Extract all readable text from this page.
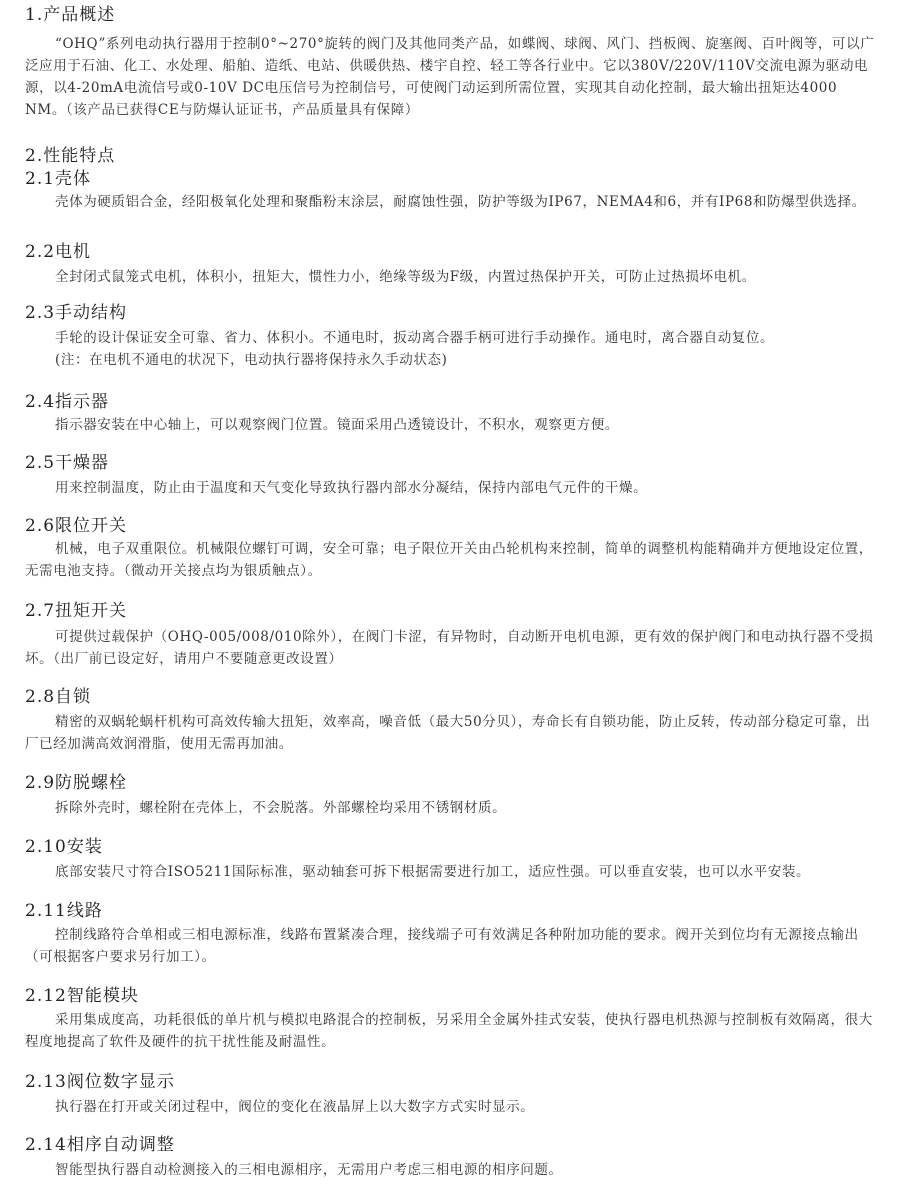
1.产品概述
“OHQ”系列电动执行器用于控制0°~270°旋转的阀门及其他同类产品，如蝶阀、球阀、风门、挡板阀、旋塞阀、百叶阀等，可以广泛应用于石油、化工、水处理、船舶、造纸、电站、供暖供热、楼宇自控、轻工等各行业中。它以380V/220V/110V交流电源为驱动电源，以4-20mA电流信号或0-10V DC电压信号为控制信号，可使阀门动运到所需位置，实现其自动化控制，最大输出扭矩达4000 NM。（该产品已获得CE与防爆认证证书，产品质量具有保障）
2.性能特点
2.1壳体
壳体为硬质铝合金，经阳极氧化处理和聚酯粉末涂层，耐腐蚀性强，防护等级为IP67，NEMA4和6，并有IP68和防爆型供选择。
2.2电机
全封闭式鼠笼式电机，体积小，扭矩大，惯性力小，绝缘等级为F级，内置过热保护开关，可防止过热损坏电机。
2.3手动结构
手轮的设计保证安全可靠、省力、体积小。不通电时，扳动离合器手柄可进行手动操作。通电时，离合器自动复位。
(注：在电机不通电的状况下，电动执行器将保持永久手动状态)
2.4指示器
指示器安装在中心轴上，可以观察阀门位置。镜面采用凸透镜设计，不积水，观察更方便。
2.5干燥器
用来控制温度，防止由于温度和天气变化导致执行器内部水分凝结，保持内部电气元件的干燥。
2.6限位开关
机械，电子双重限位。机械限位螺钉可调，安全可靠；电子限位开关由凸轮机构来控制，简单的调整机构能精确并方便地设定位置，无需电池支持。（微动开关接点均为银质触点）。
2.7扭矩开关
可提供过载保护（OHQ-005/008/010除外），在阀门卡涩，有异物时，自动断开电机电源，更有效的保护阀门和电动执行器不受损坏。（出厂前已设定好，请用户不要随意更改设置）
2.8自锁
精密的双蜗轮蜗杆机构可高效传输大扭矩，效率高，噪音低（最大50分贝），寿命长有自锁功能，防止反转，传动部分稳定可靠，出厂已经加满高效润滑脂，使用无需再加油。
2.9防脱螺栓
拆除外壳时，螺栓附在壳体上，不会脱落。外部螺栓均采用不锈钢材质。
2.10安装
底部安装尺寸符合ISO5211国际标准，驱动轴套可拆下根据需要进行加工，适应性强。可以垂直安装，也可以水平安装。
2.11线路
控制线路符合单相或三相电源标准，线路布置紧凑合理，接线端子可有效满足各种附加功能的要求。阀开关到位均有无源接点输出（可根据客户要求另行加工）。
2.12智能模块
采用集成度高，功耗很低的单片机与模拟电路混合的控制板，另采用全金属外挂式安装，使执行器电机热源与控制板有效隔离，很大程度地提高了软件及硬件的抗干扰性能及耐温性。
2.13阀位数字显示
执行器在打开或关闭过程中，阀位的变化在液晶屏上以大数字方式实时显示。
2.14相序自动调整
智能型执行器自动检测接入的三相电源相序，无需用户考虑三相电源的相序问题。
